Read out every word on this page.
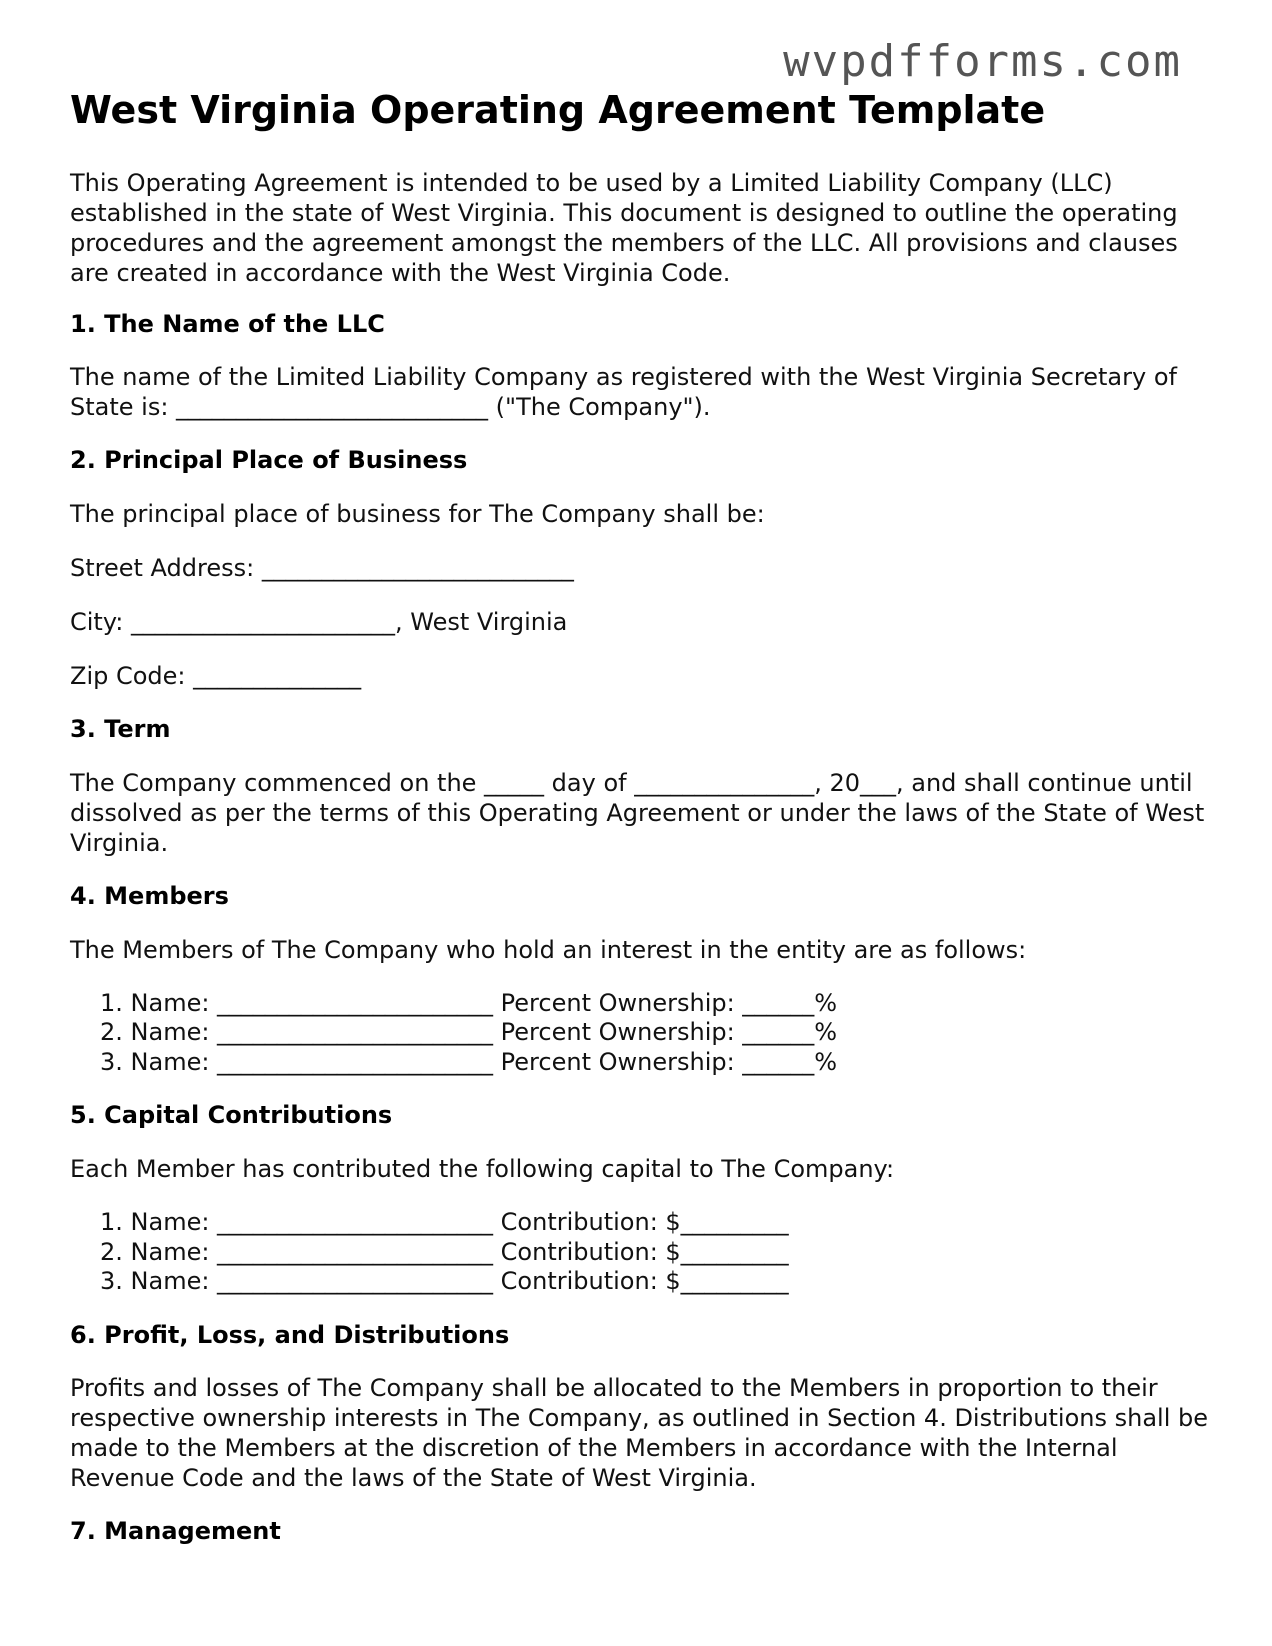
wvpdfforms.com
West Virginia Operating Agreement Template

This Operating Agreement is intended to be used by a Limited Liability Company (LLC) established in the state of West Virginia. This document is designed to outline the operating procedures and the agreement amongst the members of the LLC. All provisions and clauses are created in accordance with the West Virginia Code.

1. The Name of the LLC

The name of the Limited Liability Company as registered with the West Virginia Secretary of State is: __________________________ ("The Company").

2. Principal Place of Business

The principal place of business for The Company shall be:

Street Address: __________________________

City: ______________________, West Virginia

Zip Code: ______________

3. Term

The Company commenced on the _____ day of _______________, 20___, and shall continue until dissolved as per the terms of this Operating Agreement or under the laws of the State of West Virginia.

4. Members

The Members of The Company who hold an interest in the entity are as follows:

1. Name: _______________________ Percent Ownership: ______%
2. Name: _______________________ Percent Ownership: ______%
3. Name: _______________________ Percent Ownership: ______%
5. Capital Contributions

Each Member has contributed the following capital to The Company:

1. Name: _______________________ Contribution: $_________
2. Name: _______________________ Contribution: $_________
3. Name: _______________________ Contribution: $_________
6. Profit, Loss, and Distributions

Profits and losses of The Company shall be allocated to the Members in proportion to their respective ownership interests in The Company, as outlined in Section 4. Distributions shall be made to the Members at the discretion of the Members in accordance with the Internal Revenue Code and the laws of the State of West Virginia.

7. Management
